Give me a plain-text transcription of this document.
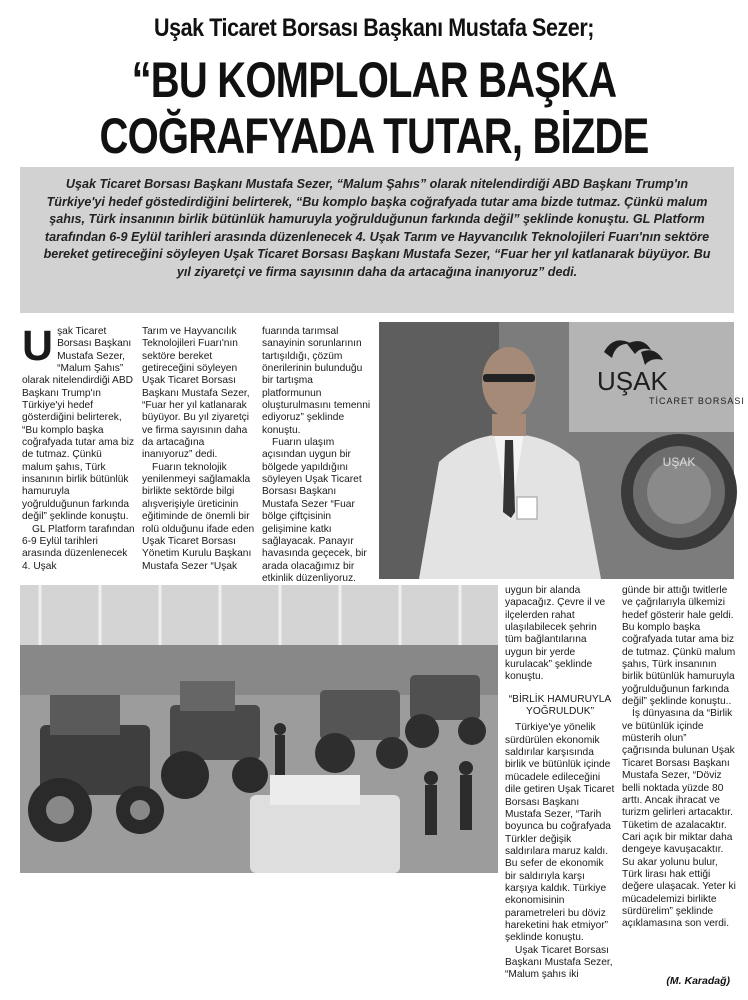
Uşak Ticaret Borsası Başkanı Mustafa Sezer;
“BU KOMPLOLAR BAŞKA
COĞRAFYADA TUTAR, BİZDE
Uşak Ticaret Borsası Başkanı Mustafa Sezer, “Malum Şahıs” olarak nitelendirdiği ABD Başkanı Trump'ın Türkiye'yi hedef göstedirdiğini belirterek, “Bu komplo başka coğrafyada tutar ama bizde tutmaz. Çünkü malum şahıs, Türk insanının birlik bütünlük hamuruyla yoğrulduğunun farkında değil” şeklinde konuştu. GL Platform tarafından 6-9 Eylül tarihleri arasında düzenlenecek 4. Uşak Tarım ve Hayvancılık Teknolojileri Fuarı'nın sektöre bereket getireceğini söyleyen Uşak Ticaret Borsası Başkanı Mustafa Sezer, “Fuar her yıl katlanarak büyüyor. Bu yıl ziyaretçi ve firma sayısının daha da artacağına inanıyoruz” dedi.
U şak Ticaret Borsası Başkanı Mustafa Sezer, “Malum Şahıs” olarak nitelendirdiği ABD Başkanı Trump'ın Türkiye'yi hedef gösterdiğini belirterek, “Bu komplo başka coğrafyada tutar ama biz de tutmaz. Çünkü malum şahıs, Türk insanının birlik bütünlük hamuruyla yoğrulduğunun farkında değil” şeklinde konuştu.

GL Platform tarafından 6-9 Eylül tarihleri arasında düzenlenecek 4. Uşak

Tarım ve Hayvancılık Teknolojileri Fuarı'nın sektöre bereket getireceğini söyleyen Uşak Ticaret Borsası Başkanı Mustafa Sezer, “Fuar her yıl katlanarak büyüyor. Bu yıl ziyaretçi ve firma sayısının daha da artacağına inanıyoruz” dedi.

Fuarın teknolojik yenilenmeyi sağlamakla birlikte sektörde bilgi alışverişiyle üreticinin eğitiminde de önemli bir rolü olduğunu ifade eden Uşak Ticaret Borsası Yönetim Kurulu Başkanı Mustafa Sezer “Uşak

fuarında tarımsal sanayinin sorunlarının tartışıldığı, çözüm önerilerinin bulunduğu bir tartışma platformunun oluşturulmasını temenni ediyoruz” şeklinde konuştu.

Fuarın ulaşım açısından uygun bir bölgede yapıldığını söyleyen Uşak Ticaret Borsası Başkanı Mustafa Sezer “Fuar bölge çiftçisinin gelişimine katkı sağlayacak. Panayır havasında geçecek, bir arada olacağımız bir etkinlik düzenliyoruz.

UŞAK
TİCARET BORSASI
UŞAK

uygun bir alanda yapacağız. Çevre il ve ilçelerden rahat ulaşılabilecek şehrin tüm bağlantılarına uygun bir yerde kurulacak” şeklinde konuştu.

“BİRLİK HAMURUYLA YOĞRULDUK”

Türkiye'ye yönelik sürdürülen ekonomik saldırılar karşısında birlik ve bütünlük içinde mücadele edileceğini dile getiren Uşak Ticaret Borsası Başkanı Mustafa Sezer, “Tarih boyunca bu coğrafyada Türkler değişik saldırılara maruz kaldı. Bu sefer de ekonomik bir saldırıyla karşı karşıya kaldık. Türkiye ekonomisinin parametreleri bu döviz hareketini hak etmiyor” şeklinde konuştu.

Uşak Ticaret Borsası Başkanı Mustafa Sezer, “Malum şahıs iki

günde bir attığı twitlerle ve çağrılarıyla ülkemizi hedef gösterir hale geldi. Bu komplo başka coğrafyada tutar ama biz de tutmaz. Çünkü malum şahıs, Türk insanının birlik bütünlük hamuruyla yoğrulduğunun farkında değil” şeklinde konuştu..

İş dünyasına da “Birlik ve bütünlük içinde müsterih olun” çağrısında bulunan Uşak Ticaret Borsası Başkanı Mustafa Sezer, “Döviz belli noktada yüzde 80 arttı. Ancak ihracat ve turizm gelirleri artacaktır. Tüketim de azalacaktır. Cari açık bir miktar daha dengeye kavuşacaktır. Su akar yolunu bulur, Türk lirası hak ettiği değere ulaşacak. Yeter ki mücadelemizi birlikte sürdürelim” şeklinde açıklamasına son verdi.

(M. Karadağ)
